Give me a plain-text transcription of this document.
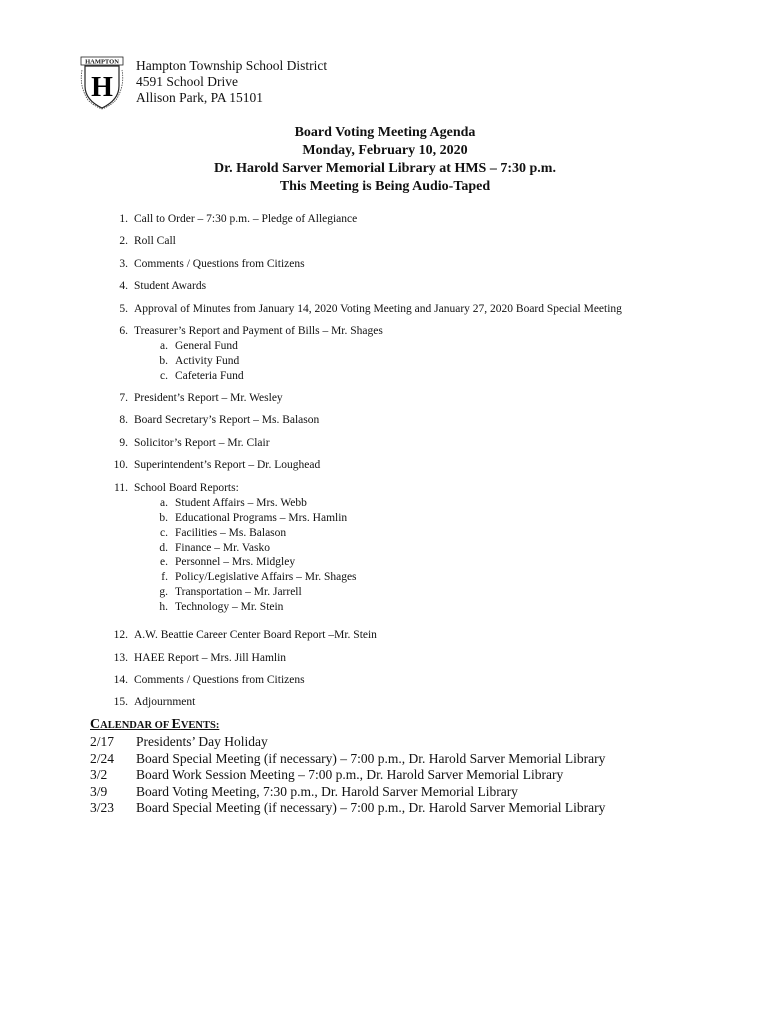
HAMPTON
H
Hampton Township School District
4591 School Drive
Allison Park, PA 15101
Board Voting Meeting Agenda
Monday, February 10, 2020
Dr. Harold Sarver Memorial Library at HMS – 7:30 p.m.
This Meeting is Being Audio-Taped
1. Call to Order – 7:30 p.m. – Pledge of Allegiance
2. Roll Call
3. Comments / Questions from Citizens
4. Student Awards
5. Approval of Minutes from January 14, 2020 Voting Meeting and January 27, 2020 Board Special Meeting
6. Treasurer’s Report and Payment of Bills – Mr. Shages
a. General Fund
b. Activity Fund
c. Cafeteria Fund
7. President’s Report – Mr. Wesley
8. Board Secretary’s Report – Ms. Balason
9. Solicitor’s Report – Mr. Clair
10. Superintendent’s Report – Dr. Loughead
11. School Board Reports:
a. Student Affairs – Mrs. Webb
b. Educational Programs – Mrs. Hamlin
c. Facilities – Ms. Balason
d. Finance – Mr. Vasko
e. Personnel – Mrs. Midgley
f. Policy/Legislative Affairs – Mr. Shages
g. Transportation – Mr. Jarrell
h. Technology – Mr. Stein
12. A.W. Beattie Career Center Board Report –Mr. Stein
13. HAEE Report – Mrs. Jill Hamlin
14. Comments / Questions from Citizens
15. Adjournment
CALENDAR OF EVENTS:
2/17 Presidents’ Day Holiday
2/24 Board Special Meeting (if necessary) – 7:00 p.m., Dr. Harold Sarver Memorial Library
3/2 Board Work Session Meeting – 7:00 p.m., Dr. Harold Sarver Memorial Library
3/9 Board Voting Meeting, 7:30 p.m., Dr. Harold Sarver Memorial Library
3/23 Board Special Meeting (if necessary) – 7:00 p.m., Dr. Harold Sarver Memorial Library
